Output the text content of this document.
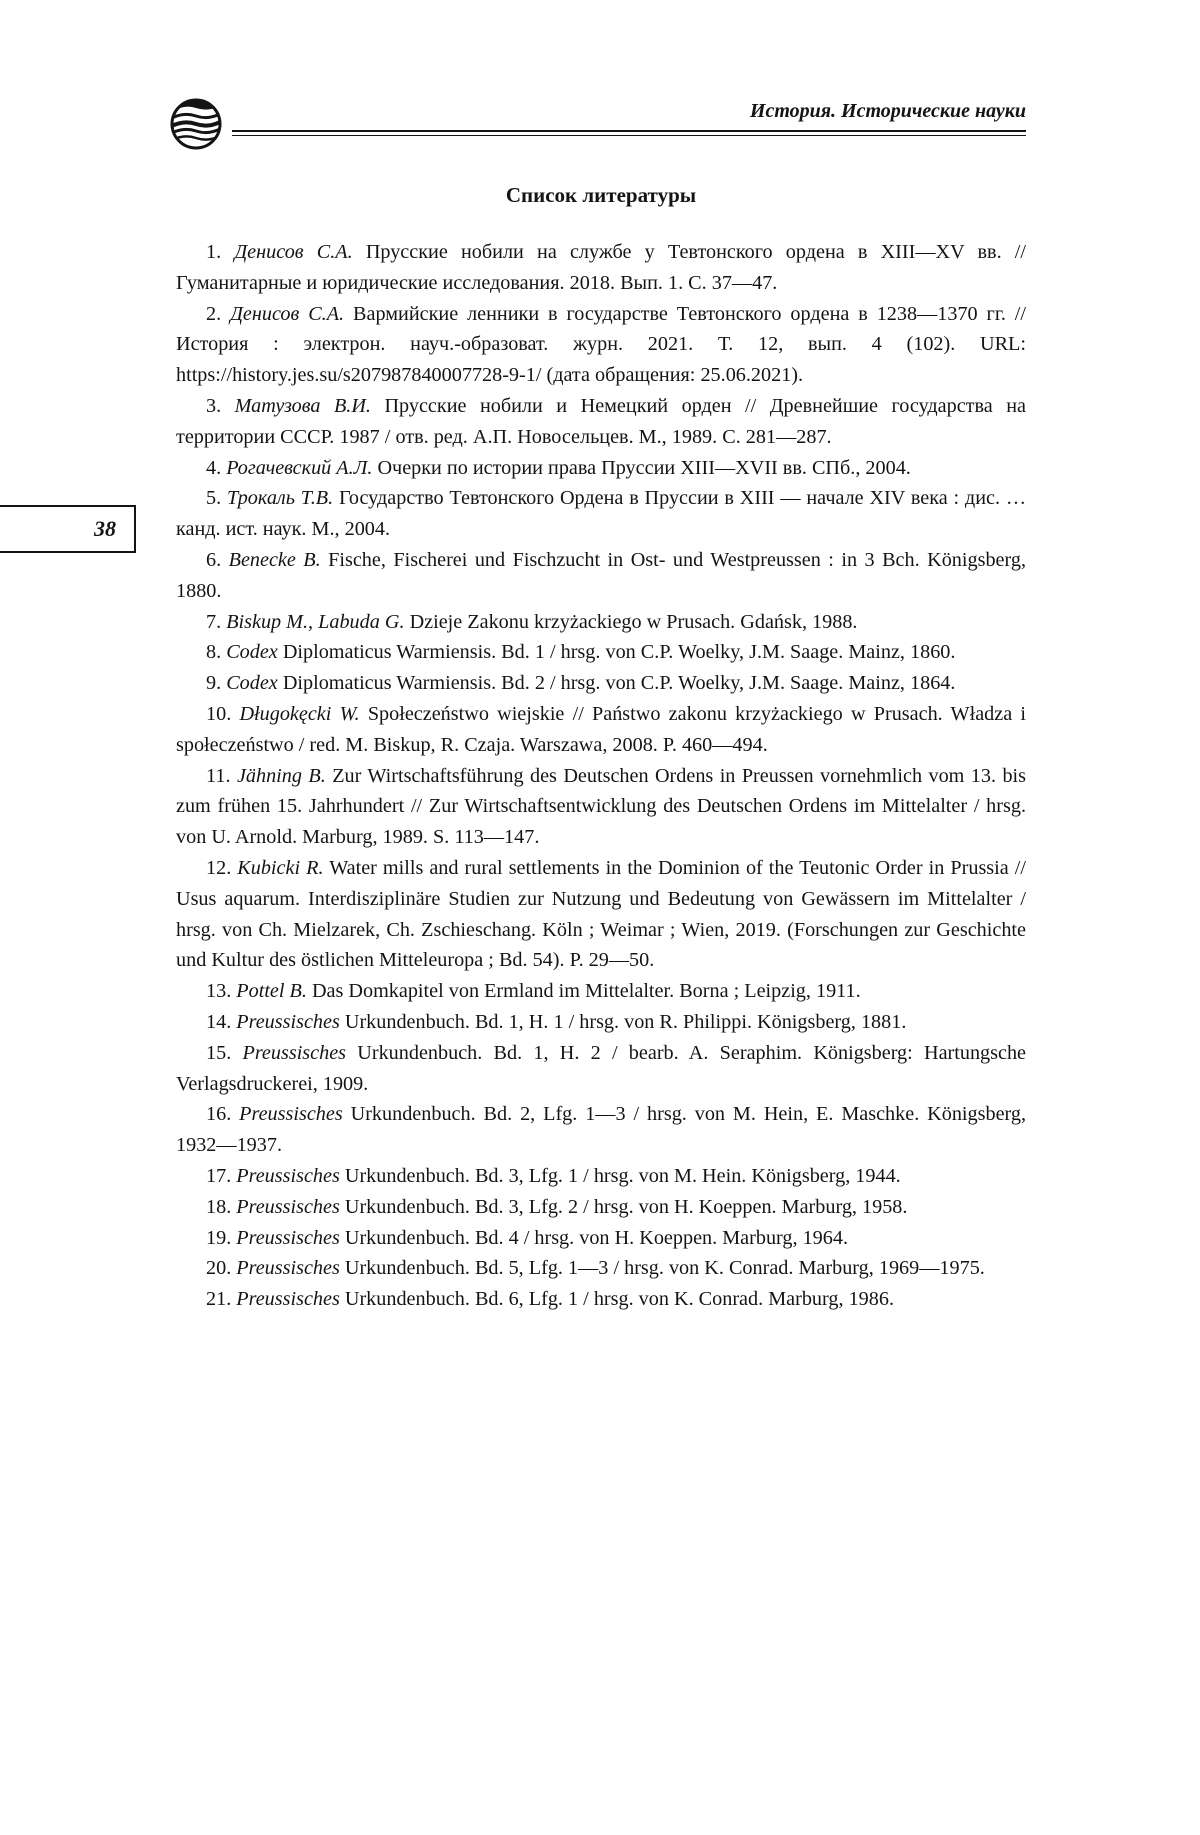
История. Исторические науки
38
Список литературы

1. Денисов С.А. Прусские нобили на службе у Тевтонского ордена в XIII—XV вв. // Гуманитарные и юридические исследования. 2018. Вып. 1. С. 37—47.

2. Денисов С.А. Вармийские ленники в государстве Тевтонского ордена в 1238—1370 гг. // История : электрон. науч.-образоват. журн. 2021. Т. 12, вып. 4 (102). URL: https://history.jes.su/s207987840007728-9-1/ (дата обращения: 25.06.2021).

3. Матузова В.И. Прусские нобили и Немецкий орден // Древнейшие государства на территории СССР. 1987 / отв. ред. А.П. Новосельцев. М., 1989. С. 281—287.

4. Рогачевский А.Л. Очерки по истории права Пруссии XIII—XVII вв. СПб., 2004.

5. Трокаль Т.В. Государство Тевтонского Ордена в Пруссии в XIII — начале XIV века : дис. … канд. ист. наук. М., 2004.

6. Benecke B. Fische, Fischerei und Fischzucht in Ost- und Westpreussen : in 3 Bch. Königsberg, 1880.

7. Biskup M., Labuda G. Dzieje Zakonu krzyżackiego w Prusach. Gdańsk, 1988.

8. Codex Diplomaticus Warmiensis. Bd. 1 / hrsg. von C.P. Woelky, J.M. Saage. Mainz, 1860.

9. Codex Diplomaticus Warmiensis. Bd. 2 / hrsg. von C.P. Woelky, J.M. Saage. Mainz, 1864.

10. Długokęcki W. Społeczeństwo wiejskie // Państwo zakonu krzyżackiego w Prusach. Władza i społeczeństwo / red. M. Biskup, R. Czaja. Warszawa, 2008. P. 460—494.

11. Jähning B. Zur Wirtschaftsführung des Deutschen Ordens in Preussen vornehmlich vom 13. bis zum frühen 15. Jahrhundert // Zur Wirtschaftsentwicklung des Deutschen Ordens im Mittelalter / hrsg. von U. Arnold. Marburg, 1989. S. 113—147.

12. Kubicki R. Water mills and rural settlements in the Dominion of the Teutonic Order in Prussia // Usus aquarum. Interdisziplinäre Studien zur Nutzung und Bedeutung von Gewässern im Mittelalter / hrsg. von Ch. Mielzarek, Ch. Zschieschang. Köln ; Weimar ; Wien, 2019. (Forschungen zur Geschichte und Kultur des östlichen Mitteleuropa ; Bd. 54). P. 29—50.

13. Pottel B. Das Domkapitel von Ermland im Mittelalter. Borna ; Leipzig, 1911.

14. Preussisches Urkundenbuch. Bd. 1, H. 1 / hrsg. von R. Philippi. Königsberg, 1881.

15. Preussisches Urkundenbuch. Bd. 1, H. 2 / bearb. A. Seraphim. Königsberg: Hartungsche Verlagsdruckerei, 1909.

16. Preussisches Urkundenbuch. Bd. 2, Lfg. 1—3 / hrsg. von M. Hein, E. Maschke. Königsberg, 1932—1937.

17. Preussisches Urkundenbuch. Bd. 3, Lfg. 1 / hrsg. von M. Hein. Königsberg, 1944.

18. Preussisches Urkundenbuch. Bd. 3, Lfg. 2 / hrsg. von H. Koeppen. Marburg, 1958.

19. Preussisches Urkundenbuch. Bd. 4 / hrsg. von H. Koeppen. Marburg, 1964.

20. Preussisches Urkundenbuch. Bd. 5, Lfg. 1—3 / hrsg. von K. Conrad. Marburg, 1969—1975.

21. Preussisches Urkundenbuch. Bd. 6, Lfg. 1 / hrsg. von K. Conrad. Marburg, 1986.
